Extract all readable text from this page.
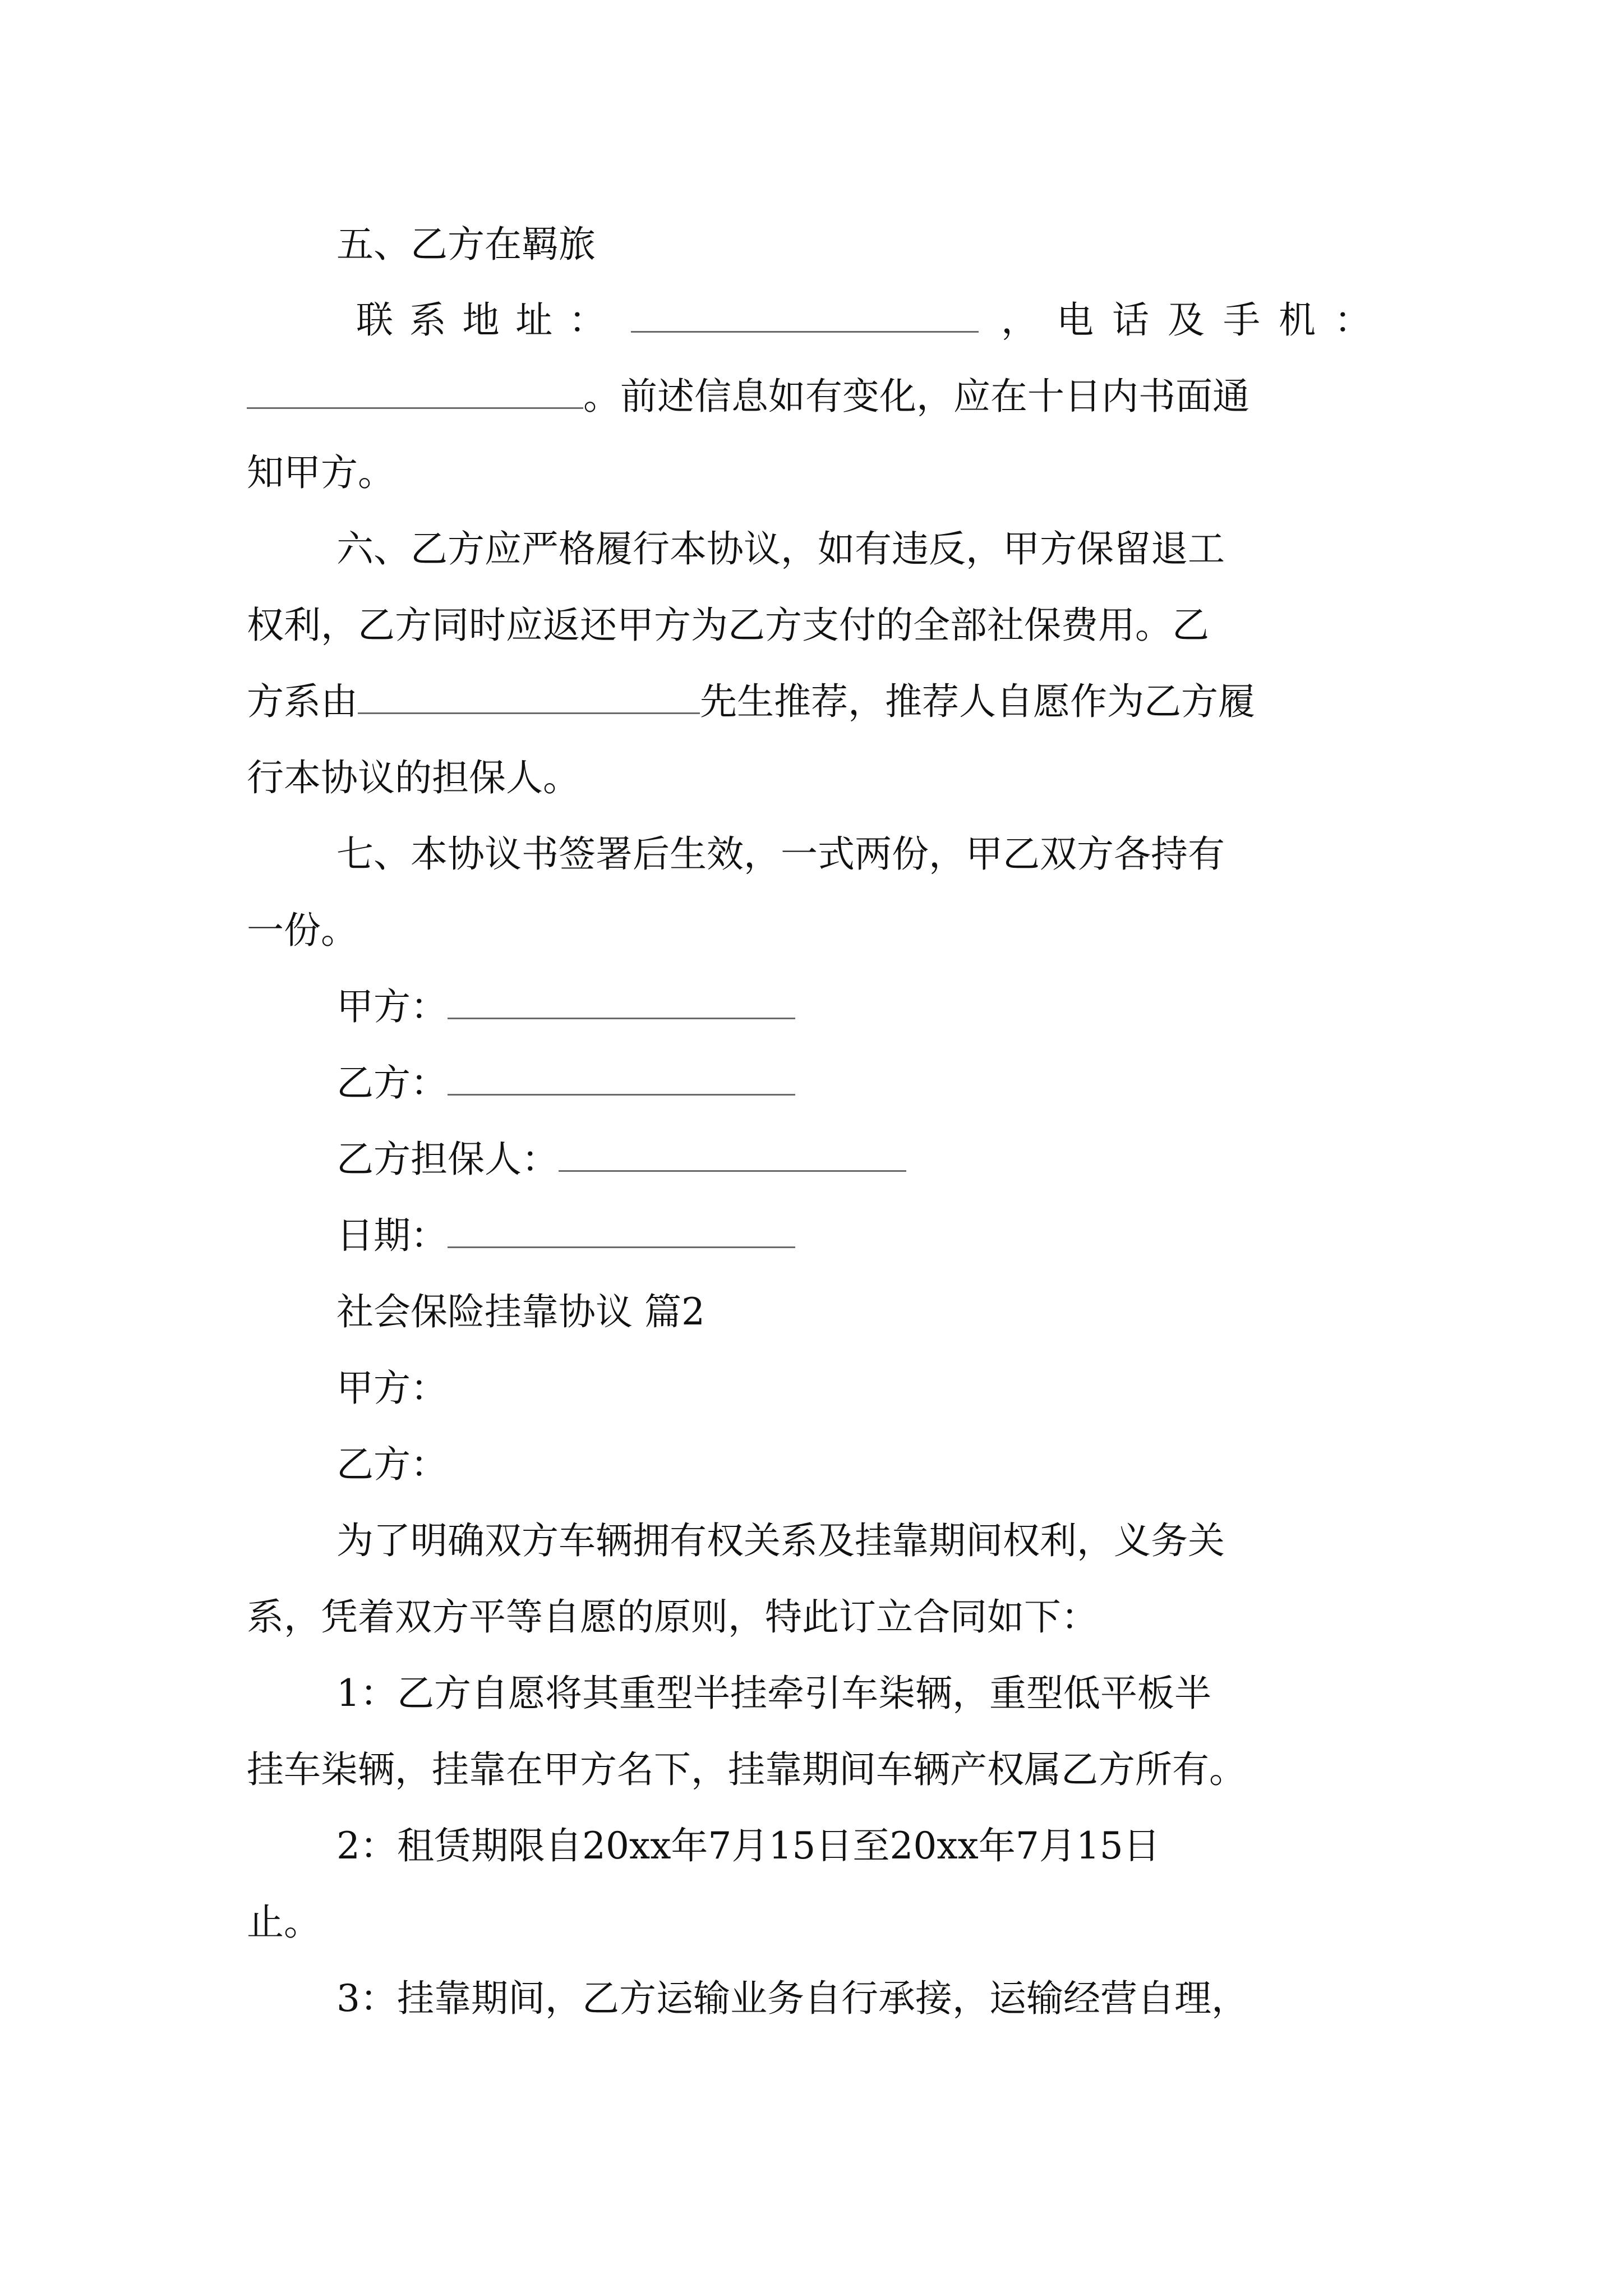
五、乙方在羁旅
联系地址：	，电话及手机：
。前述信息如有变化，应在十日内书面通
知甲方。
六、乙方应严格履行本协议，如有违反，甲方保留退工
权利，乙方同时应返还甲方为乙方支付的全部社保费用。乙
方系由	先生推荐，推荐人自愿作为乙方履
行本协议的担保人。
七、本协议书签署后生效，一式两份，甲乙双方各持有
一份。
甲方：
乙方：
乙方担保人：
日期：
社会保险挂靠协议 篇2
甲方：
乙方：
为了明确双方车辆拥有权关系及挂靠期间权利，义务关
系，凭着双方平等自愿的原则，特此订立合同如下：
1：乙方自愿将其重型半挂牵引车柒辆，重型低平板半
挂车柒辆，挂靠在甲方名下，挂靠期间车辆产权属乙方所有。
2：租赁期限自20xx年7月15日至20xx年7月15日
止。
3：挂靠期间，乙方运输业务自行承接，运输经营自理，
